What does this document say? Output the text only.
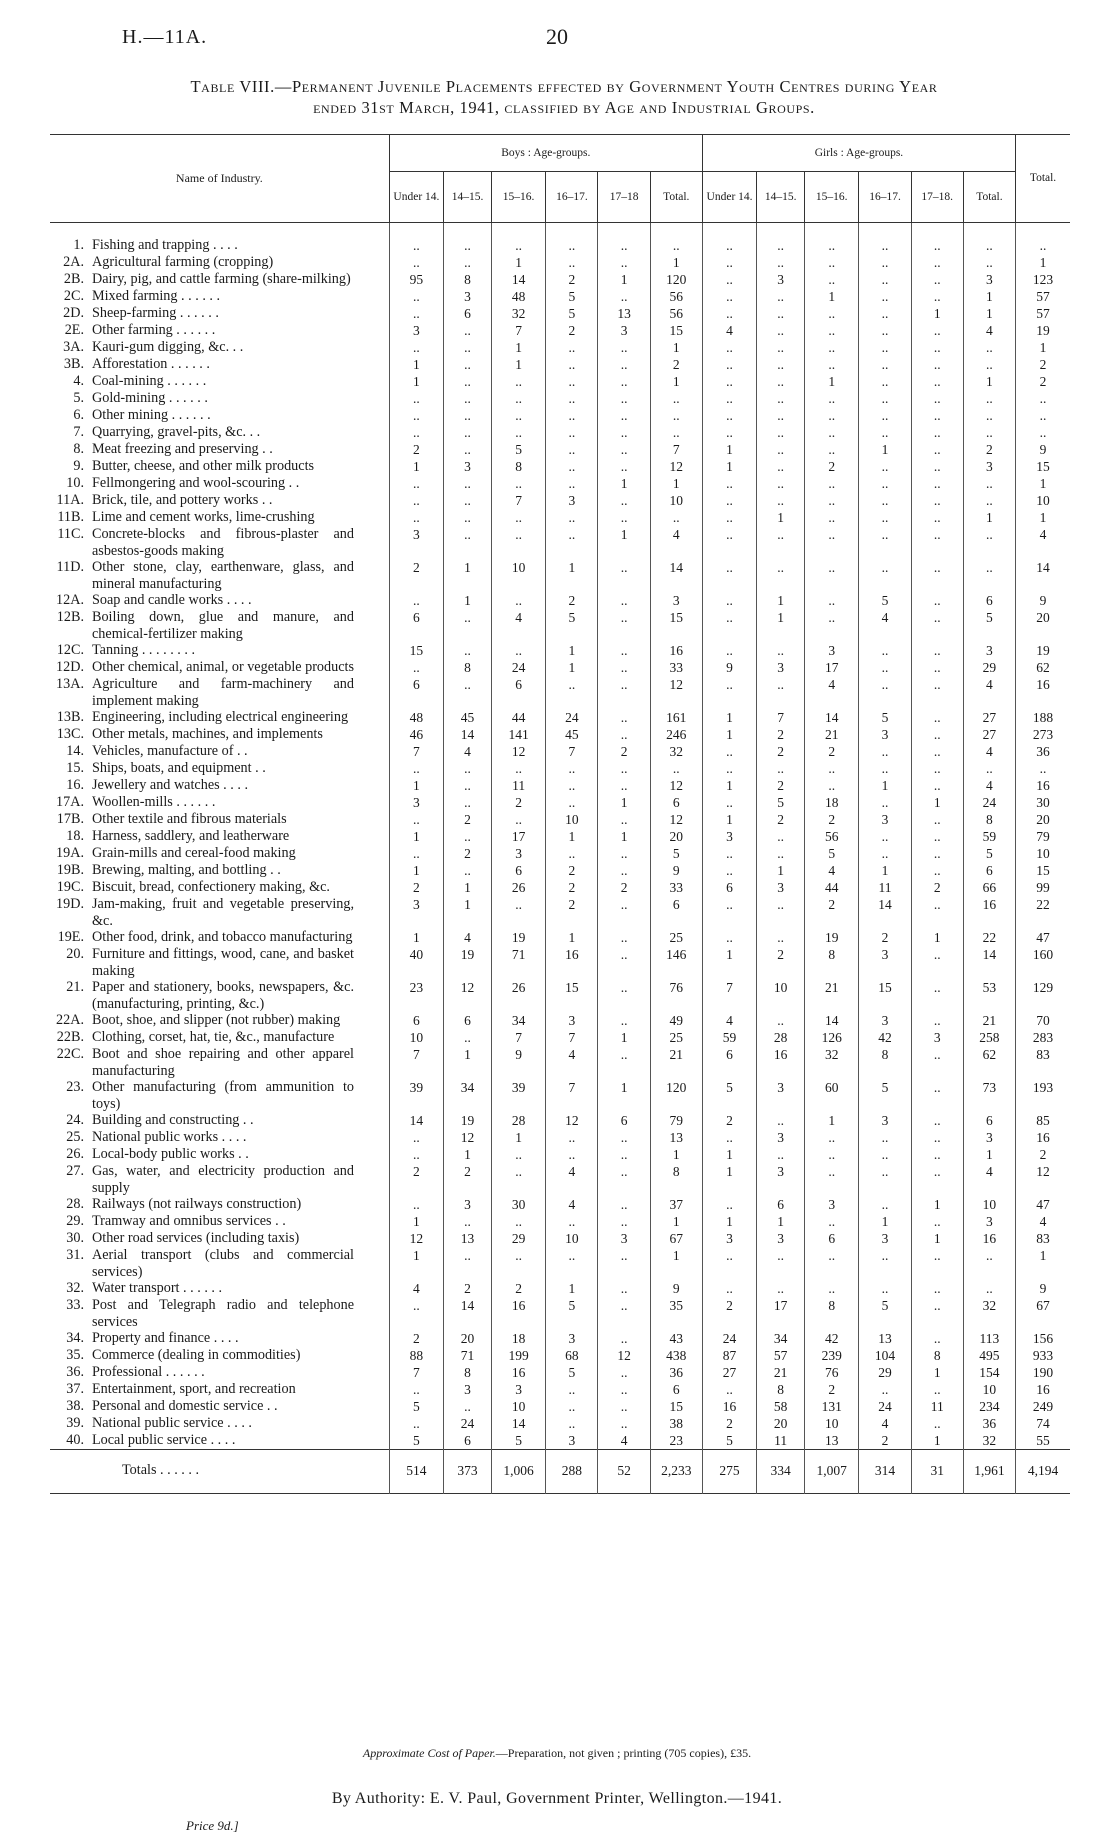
H.—11A.	20
Table VIII.—Permanent Juvenile Placements effected by Government Youth Centres during Year
ended 31st March, 1941, classified by Age and Industrial Groups.
Name of Industry.	Boys : Age-groups.						Girls : Age-groups.						Total.
	Under 14.	14–15.	15–16.	16–17.	17–18	Total.	Under 14.	14–15.	15–16.	16–17.	17–18.	Total.	
1. Fishing and trapping . . . .	..	..	..	..	..	..	..	..	..	..	..	..	..
2A. Agricultural farming (cropping)	..	..	1	..	..	1	..	..	..	..	..	..	1
2B. Dairy, pig, and cattle farming (share-milking)	95	8	14	2	1	120	..	3	..	..	..	3	123
2C. Mixed farming . . . . . .	..	3	48	5	..	56	..	..	1	..	..	1	57
2D. Sheep-farming . . . . . .	..	6	32	5	13	56	..	..	..	..	1	1	57
2E. Other farming . . . . . .	3	..	7	2	3	15	4	..	..	..	..	4	19
3A. Kauri-gum digging, &c. . .	..	..	1	..	..	1	..	..	..	..	..	..	1
3B. Afforestation . . . . . .	1	..	1	..	..	2	..	..	..	..	..	..	2
4. Coal-mining . . . . . .	1	..	..	..	..	1	..	..	1	..	..	1	2
5. Gold-mining . . . . . .	..	..	..	..	..	..	..	..	..	..	..	..	..
6. Other mining . . . . . .	..	..	..	..	..	..	..	..	..	..	..	..	..
7. Quarrying, gravel-pits, &c. . .	..	..	..	..	..	..	..	..	..	..	..	..	..
8. Meat freezing and preserving . .	2	..	5	..	..	7	1	..	..	1	..	2	9
9. Butter, cheese, and other milk products	1	3	8	..	..	12	1	..	2	..	..	3	15
10. Fellmongering and wool-scouring . .	..	..	..	..	1	1	..	..	..	..	..	..	1
11A. Brick, tile, and pottery works . .	..	..	7	3	..	10	..	..	..	..	..	..	10
11B. Lime and cement works, lime-crushing	..	..	..	..	..	..	..	1	..	..	..	1	1
11C. Concrete-blocks and fibrous-plaster and asbestos-goods making	3	..	..	..	1	4	..	..	..	..	..	..	4
11D. Other stone, clay, earthenware, glass, and mineral manufacturing	2	1	10	1	..	14	..	..	..	..	..	..	14
12A. Soap and candle works . . . .	..	1	..	2	..	3	..	1	..	5	..	6	9
12B. Boiling down, glue and manure, and chemical-fertilizer making	6	..	4	5	..	15	..	1	..	4	..	5	20
12C. Tanning . . . . . . . .	15	..	..	1	..	16	..	..	3	..	..	3	19
12D. Other chemical, animal, or vegetable products	..	8	24	1	..	33	9	3	17	..	..	29	62
13A. Agriculture and farm-machinery and implement making	6	..	6	..	..	12	..	..	4	..	..	4	16
13B. Engineering, including electrical engineering	48	45	44	24	..	161	1	7	14	5	..	27	188
13C. Other metals, machines, and implements	46	14	141	45	..	246	1	2	21	3	..	27	273
14. Vehicles, manufacture of . .	7	4	12	7	2	32	..	2	2	..	..	4	36
15. Ships, boats, and equipment . .	..	..	..	..	..	..	..	..	..	..	..	..	..
16. Jewellery and watches . . . .	1	..	11	..	..	12	1	2	..	1	..	4	16
17A. Woollen-mills . . . . . .	3	..	2	..	1	6	..	5	18	..	1	24	30
17B. Other textile and fibrous materials	..	2	..	10	..	12	1	2	2	3	..	8	20
18. Harness, saddlery, and leatherware	1	..	17	1	1	20	3	..	56	..	..	59	79
19A. Grain-mills and cereal-food making	..	2	3	..	..	5	..	..	5	..	..	5	10
19B. Brewing, malting, and bottling . .	1	..	6	2	..	9	..	1	4	1	..	6	15
19C. Biscuit, bread, confectionery making, &c.	2	1	26	2	2	33	6	3	44	11	2	66	99
19D. Jam-making, fruit and vegetable preserving, &c.	3	1	..	2	..	6	..	..	2	14	..	16	22
19E. Other food, drink, and tobacco manufacturing	1	4	19	1	..	25	..	..	19	2	1	22	47
20. Furniture and fittings, wood, cane, and basket making	40	19	71	16	..	146	1	2	8	3	..	14	160
21. Paper and stationery, books, newspapers, &c. (manufacturing, printing, &c.)	23	12	26	15	..	76	7	10	21	15	..	53	129
22A. Boot, shoe, and slipper (not rubber) making	6	6	34	3	..	49	4	..	14	3	..	21	70
22B. Clothing, corset, hat, tie, &c., manufacture	10	..	7	7	1	25	59	28	126	42	3	258	283
22C. Boot and shoe repairing and other apparel manufacturing	7	1	9	4	..	21	6	16	32	8	..	62	83
23. Other manufacturing (from ammunition to toys)	39	34	39	7	1	120	5	3	60	5	..	73	193
24. Building and constructing . .	14	19	28	12	6	79	2	..	1	3	..	6	85
25. National public works . . . .	..	12	1	..	..	13	..	3	..	..	..	3	16
26. Local-body public works . .	..	1	..	..	..	1	1	..	..	..	..	1	2
27. Gas, water, and electricity production and supply	2	2	..	4	..	8	1	3	..	..	..	4	12
28. Railways (not railways construction)	..	3	30	4	..	37	..	6	3	..	1	10	47
29. Tramway and omnibus services . .	1	..	..	..	..	1	1	1	..	1	..	3	4
30. Other road services (including taxis)	12	13	29	10	3	67	3	3	6	3	1	16	83
31. Aerial transport (clubs and commercial services)	1	..	..	..	..	1	..	..	..	..	..	..	1
32. Water transport . . . . . .	4	2	2	1	..	9	..	..	..	..	..	..	9
33. Post and Telegraph radio and telephone services	..	14	16	5	..	35	2	17	8	5	..	32	67
34. Property and finance . . . .	2	20	18	3	..	43	24	34	42	13	..	113	156
35. Commerce (dealing in commodities)	88	71	199	68	12	438	87	57	239	104	8	495	933
36. Professional . . . . . .	7	8	16	5	..	36	27	21	76	29	1	154	190
37. Entertainment, sport, and recreation	..	3	3	..	..	6	..	8	2	..	..	10	16
38. Personal and domestic service . .	5	..	10	..	..	15	16	58	131	24	11	234	249
39. National public service . . . .	..	24	14	..	..	38	2	20	10	4	..	36	74
40. Local public service . . . .	5	6	5	3	4	23	5	11	13	2	1	32	55
Totals . . . . . .	514	373	1,006	288	52	2,233	275	334	1,007	314	31	1,961	4,194
Approximate Cost of Paper.—Preparation, not given ; printing (705 copies), £35.
By Authority: E. V. Paul, Government Printer, Wellington.—1941.
Price 9d.]
